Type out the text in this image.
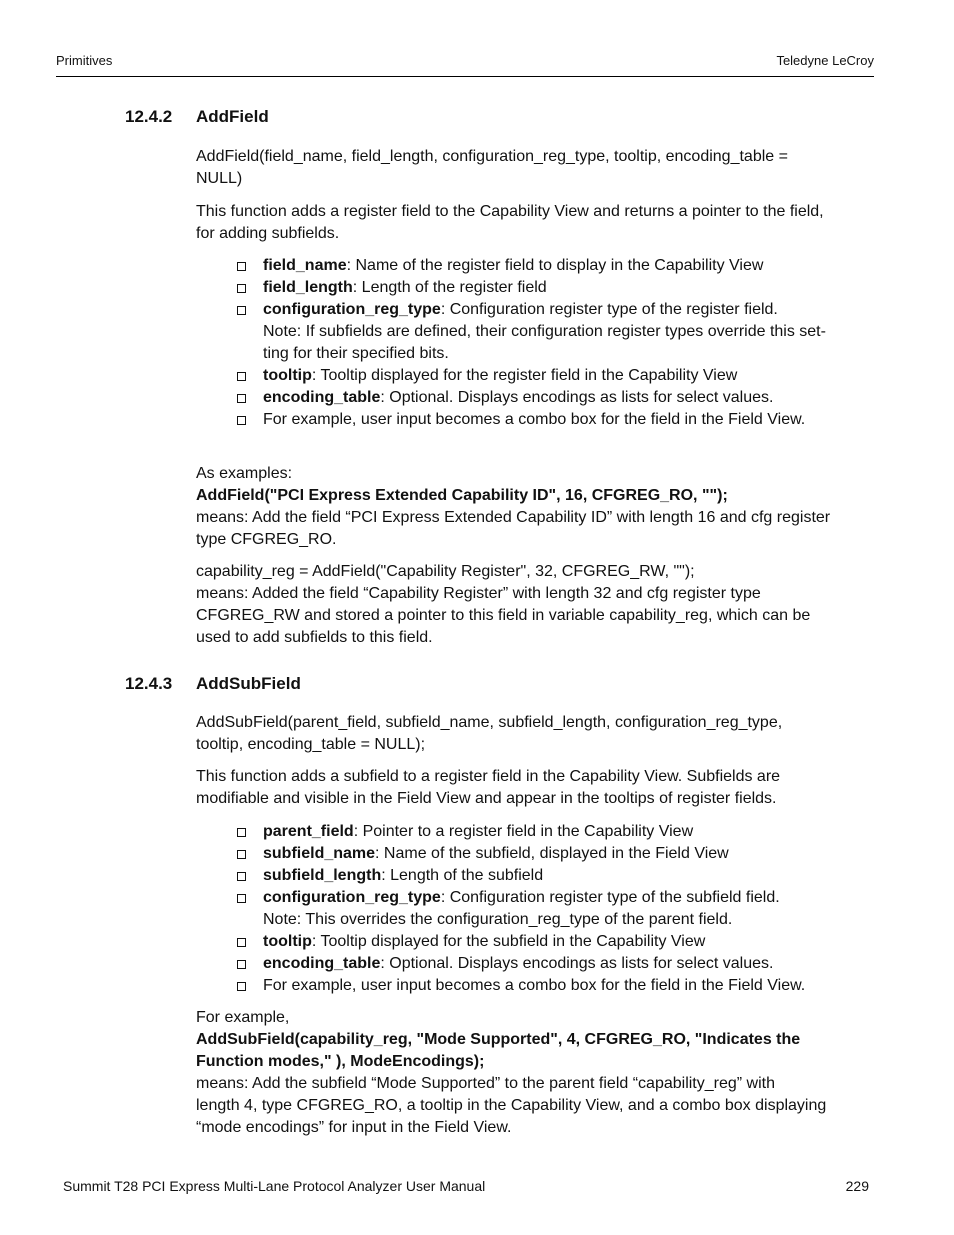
Primitives	Teledyne LeCroy
12.4.2 AddField
AddField(field_name, field_length, configuration_reg_type, tooltip, encoding_table =
NULL)
This function adds a register field to the Capability View and returns a pointer to the field,
for adding subfields.
field_name: Name of the register field to display in the Capability View
field_length: Length of the register field
configuration_reg_type: Configuration register type of the register field.
Note: If subfields are defined, their configuration register types override this set-
ting for their specified bits.
tooltip: Tooltip displayed for the register field in the Capability View
encoding_table: Optional. Displays encodings as lists for select values.
For example, user input becomes a combo box for the field in the Field View.
As examples:
AddField("PCI Express Extended Capability ID", 16, CFGREG_RO, "");
means: Add the field “PCI Express Extended Capability ID” with length 16 and cfg register
type CFGREG_RO.
capability_reg = AddField("Capability Register", 32, CFGREG_RW, "");
means: Added the field “Capability Register” with length 32 and cfg register type
CFGREG_RW and stored a pointer to this field in variable capability_reg, which can be
used to add subfields to this field.
12.4.3 AddSubField
AddSubField(parent_field, subfield_name, subfield_length, configuration_reg_type,
tooltip, encoding_table = NULL);
This function adds a subfield to a register field in the Capability View. Subfields are
modifiable and visible in the Field View and appear in the tooltips of register fields.
parent_field: Pointer to a register field in the Capability View
subfield_name: Name of the subfield, displayed in the Field View
subfield_length: Length of the subfield
configuration_reg_type: Configuration register type of the subfield field.
Note: This overrides the configuration_reg_type of the parent field.
tooltip: Tooltip displayed for the subfield in the Capability View
encoding_table: Optional. Displays encodings as lists for select values.
For example, user input becomes a combo box for the field in the Field View.
For example,
AddSubField(capability_reg, "Mode Supported", 4, CFGREG_RO, "Indicates the
Function modes," ), ModeEncodings);
means: Add the subfield “Mode Supported” to the parent field “capability_reg” with
length 4, type CFGREG_RO, a tooltip in the Capability View, and a combo box displaying
“mode encodings” for input in the Field View.
Summit T28 PCI Express Multi-Lane Protocol Analyzer User Manual	229
